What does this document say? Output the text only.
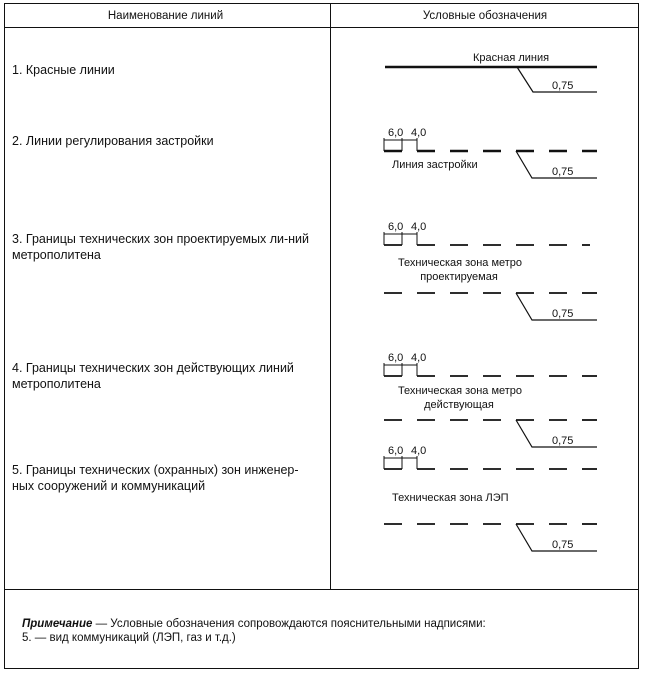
Наименование линий	Условные обозначения
1. Красные линии
2. Линии регулирования застройки
3. Границы технических зон проектируемых ли-ний метрополитена
4. Границы технических зон действующих линий метрополитена
5. Границы технических (охранных) зон инженер-ных сооружений и коммуникаций
Красная линия
0,75
6,0 4,0
Линия застройки
0,75
6,0 4,0
Техническая зона метро
проектируемая
0,75
6,0 4,0
Техническая зона метро
действующая
0,75
6,0 4,0
Техническая зона ЛЭП
0,75
Примечание — Условные обозначения сопровождаются пояснительными надписями:
5. — вид коммуникаций (ЛЭП, газ и т.д.)
